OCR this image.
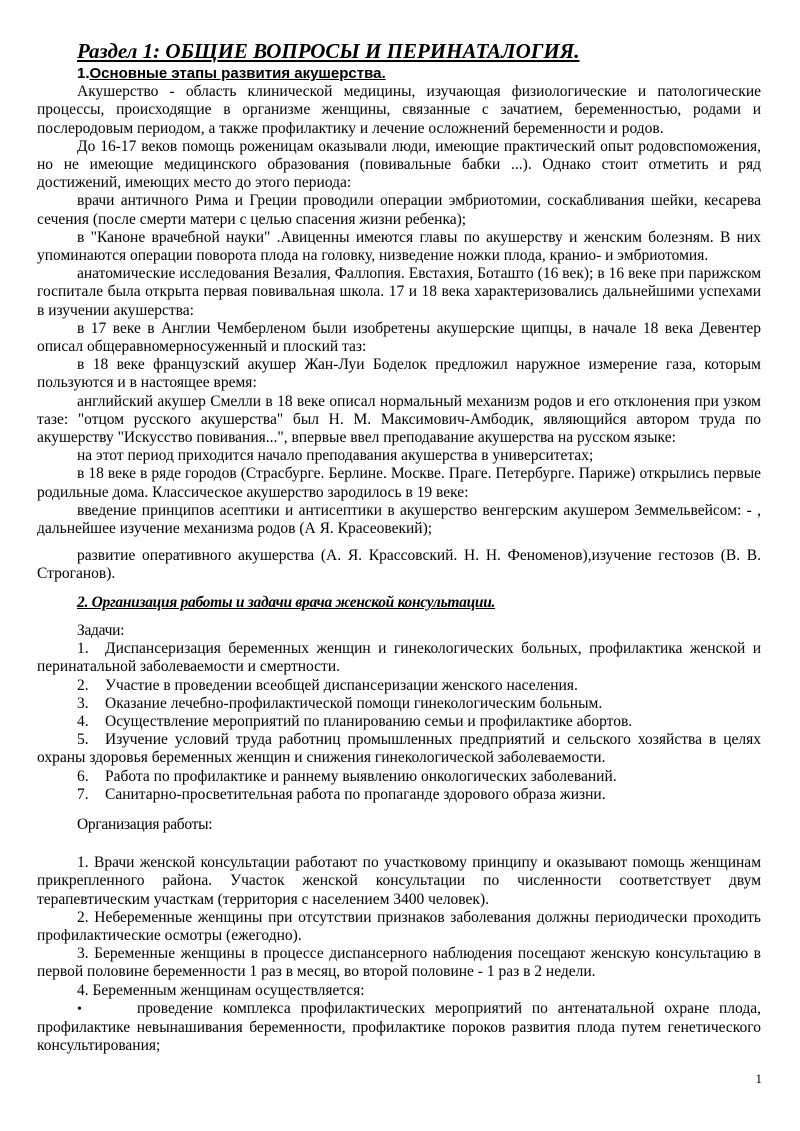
Раздел 1: ОБЩИЕ ВОПРОСЫ И ПЕРИНАТАЛОГИЯ.
1.Основные этапы развития акушерства.

Акушерство - область клинической медицины, изучающая физиологические и патологические процессы, происходящие в организме женщины, связанные с зачатием, беременностью, родами и послеродовым периодом, а также профилактику и лечение осложнений беременности и родов.

До 16-17 веков помощь роженицам оказывали люди, имеющие практический опыт родовспоможения, но не имеющие медицинского образования (повивальные бабки ...). Однако стоит отметить и ряд достижений, имеющих место до этого периода:

врачи античного Рима и Греции проводили операции эмбриотомии, соскабливания шейки, кесарева сечения (после смерти матери с целью спасения жизни ребенка);

в "Каноне врачебной науки" .Авиценны имеются главы по акушерству и женским болезням. В них упоминаются операции поворота плода на головку, низведение ножки плода, кранио- и эмбриотомия.

анатомические исследования Везалия, Фаллопия. Евстахия, Боташто (16 век); в 16 веке при парижском госпитале была открыта первая повивальная школа. 17 и 18 века характеризовались дальнейшими успехами в изучении акушерства:

в 17 веке в Англии Чемберленом были изобретены акушерские щипцы, в начале 18 века Девентер описал общеравномерносуженный и плоский таз:

в 18 веке французский акушер Жан-Луи Боделок предложил наружное измерение газа, которым пользуются и в настоящее время:

английский акушер Смелли в 18 веке описал нормальный механизм родов и его отклонения при узком тазе: "отцом русского акушерства" был Н. М. Максимович-Амбодик, являющийся автором труда по акушерству "Искусство повивания...", впервые ввел преподавание акушерства на русском языке:

на этот период приходится начало преподавания акушерства в университетах;

в 18 веке в ряде городов (Страсбурге. Берлине. Москве. Праге. Петербурге. Париже) открылись первые родильные дома. Классическое акушерство зародилось в 19 веке:

введение принципов асептики и антисептики в акушерство венгерским акушером Земмельвейсом: - , дальнейшее изучение механизма родов (А Я. Красеовекий);

развитие оперативного акушерства (А. Я. Крассовский. Н. Н. Феноменов),изучение гестозов (В. В. Строганов).

2. Организация работы и задачи врача женской консультации.
Задачи:
1. Диспансеризация беременных женщин и гинекологических больных, профилактика женской и перинатальной заболеваемости и смертности.
2. Участие в проведении всеобщей диспансеризации женского населения.
3. Оказание лечебно-профилактической помощи гинекологическим больным.
4. Осуществление мероприятий по планированию семьи и профилактике абортов.
5. Изучение условий труда работниц промышленных предприятий и сельского хозяйства в целях охраны здоровья беременных женщин и снижения гинекологической заболеваемости.
6. Работа по профилактике и раннему выявлению онкологических заболеваний.
7. Санитарно-просветительная работа по пропаганде здорового образа жизни.
Организация работы:

1. Врачи женской консультации работают по участковому принципу и оказывают помощь женщинам прикрепленного района. Участок женской консультации по численности соответствует двум терапевтическим участкам (территория с населением 3400 человек).

2. Небеременные женщины при отсутствии признаков заболевания должны периодически проходить профилактические осмотры (ежегодно).

3. Беременные женщины в процессе диспансерного наблюдения посещают женскую консультацию в первой половине беременности 1 раз в месяц, во второй половине - 1 раз в 2 недели.

4. Беременным женщинам осуществляется:

•	проведение комплекса профилактических мероприятий по антенатальной охране плода, профилактике невынашивания беременности, профилактике пороков развития плода путем генетического консультирования;

1
